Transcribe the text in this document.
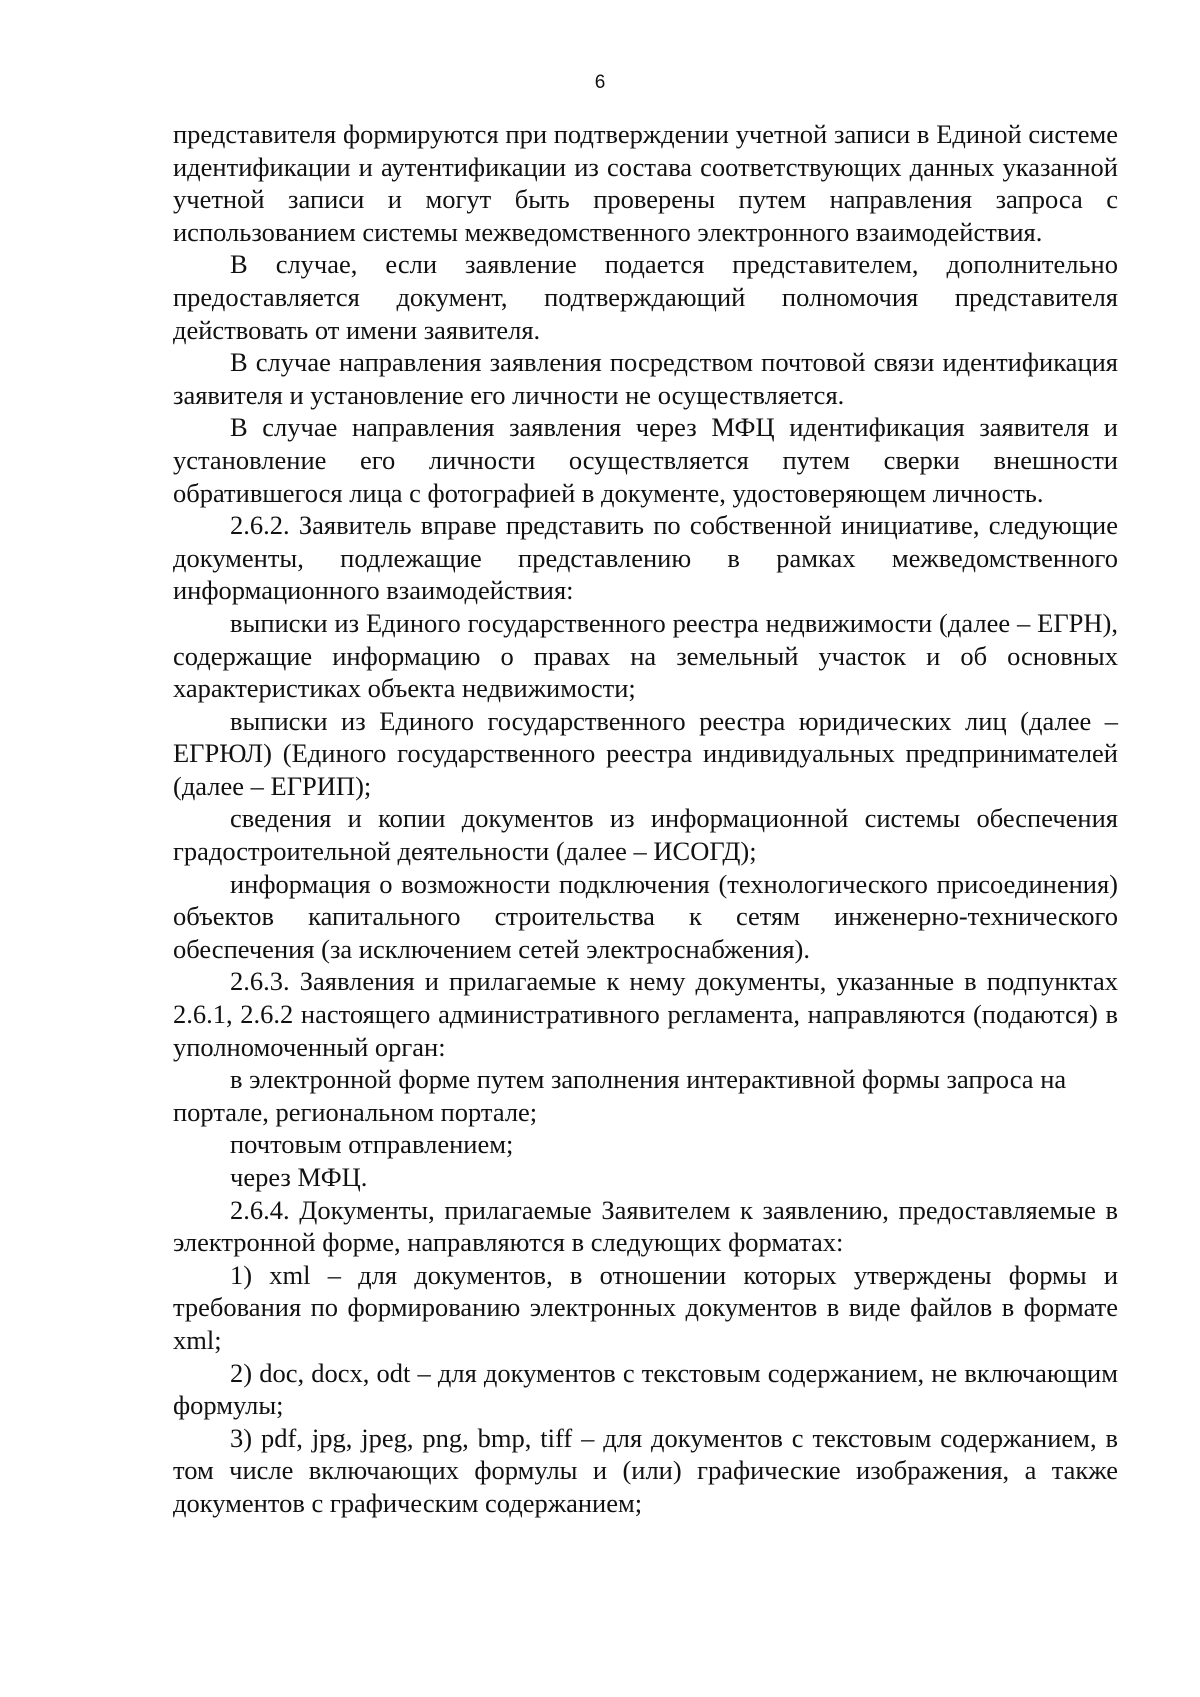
6

представителя формируются при подтверждении учетной записи в Единой системе идентификации и аутентификации из состава соответствующих данных указанной учетной записи и могут быть проверены путем направления запроса с использованием системы межведомственного электронного взаимодействия.

В случае, если заявление подается представителем, дополнительно предоставляется документ, подтверждающий полномочия представителя действовать от имени заявителя.

В случае направления заявления посредством почтовой связи идентификация заявителя и установление его личности не осуществляется.

В случае направления заявления через МФЦ идентификация заявителя и установление его личности осуществляется путем сверки внешности обратившегося лица с фотографией в документе, удостоверяющем личность.

2.6.2. Заявитель вправе представить по собственной инициативе, следующие документы, подлежащие представлению в рамках межведомственного информационного взаимодействия:

выписки из Единого государственного реестра недвижимости (далее – ЕГРН), содержащие информацию о правах на земельный участок и об основных характеристиках объекта недвижимости;

выписки из Единого государственного реестра юридических лиц (далее – ЕГРЮЛ) (Единого государственного реестра индивидуальных предпринимателей (далее – ЕГРИП);

сведения и копии документов из информационной системы обеспечения градостроительной деятельности (далее – ИСОГД);

информация о возможности подключения (технологического присоединения) объектов капитального строительства к сетям инженерно-технического обеспечения (за исключением сетей электроснабжения).

2.6.3. Заявления и прилагаемые к нему документы, указанные в подпунктах 2.6.1, 2.6.2 настоящего административного регламента, направляются (подаются) в уполномоченный орган:

в электронной форме путем заполнения интерактивной формы запроса на портале, региональном портале;

почтовым отправлением;

через МФЦ.

2.6.4. Документы, прилагаемые Заявителем к заявлению, предоставляемые в электронной форме, направляются в следующих форматах:

1) xml – для документов, в отношении которых утверждены формы и требования по формированию электронных документов в виде файлов в формате xml;

2) doc, docx, odt – для документов с текстовым содержанием, не включающим формулы;

3) pdf, jpg, jpeg, png, bmp, tiff – для документов с текстовым содержанием, в том числе включающих формулы и (или) графические изображения, а также документов с графическим содержанием;
